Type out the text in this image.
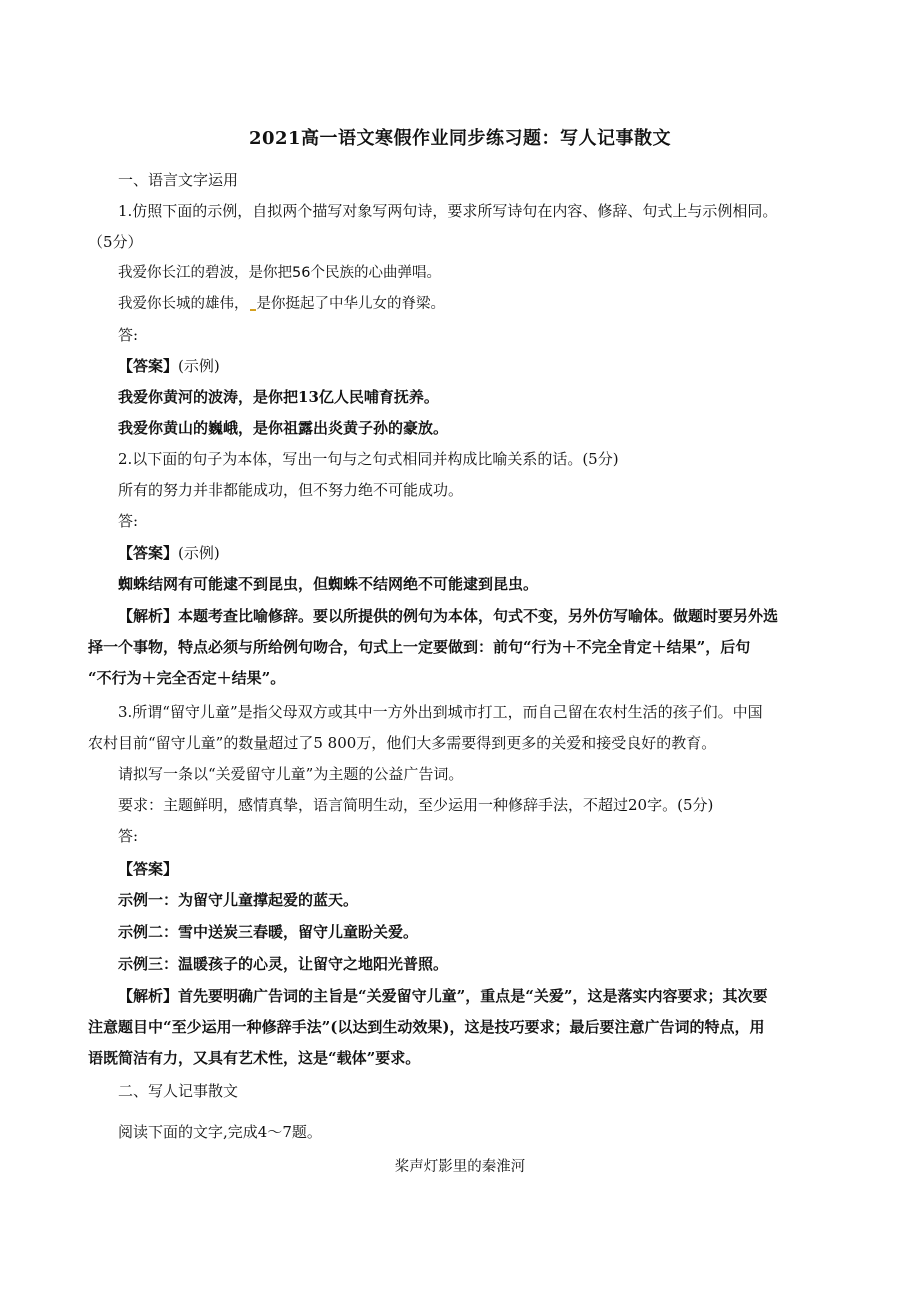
2021高一语文寒假作业同步练习题：写人记事散文
一、语言文字运用
1.仿照下面的示例，自拟两个描写对象写两句诗，要求所写诗句在内容、修辞、句式上与示例相同。
（5分）
我爱你长江的碧波，是你把56个民族的心曲弹唱。
我爱你长城的雄伟， 是你挺起了中华儿女的脊梁。
答:
【答案】(示例)
我爱你黄河的波涛，是你把13亿人民哺育抚养。
我爱你黄山的巍峨，是你祖露出炎黄子孙的豪放。
2.以下面的句子为本体，写出一句与之句式相同并构成比喻关系的话。(5分)
所有的努力并非都能成功，但不努力绝不可能成功。
答:
【答案】(示例)
蜘蛛结网有可能逮不到昆虫，但蜘蛛不结网绝不可能逮到昆虫。
【解析】本题考查比喻修辞。要以所提供的例句为本体，句式不变，另外仿写喻体。做题时要另外选
择一个事物，特点必须与所给例句吻合，句式上一定要做到：前句“行为＋不完全肯定＋结果”，后句
“不行为＋完全否定＋结果”。
3.所谓“留守儿童”是指父母双方或其中一方外出到城市打工，而自己留在农村生活的孩子们。中国
农村目前“留守儿童”的数量超过了5 800万，他们大多需要得到更多的关爱和接受良好的教育。
请拟写一条以“关爱留守儿童”为主题的公益广告词。
要求：主题鲜明，感情真挚，语言简明生动，至少运用一种修辞手法，不超过20字。(5分)
答:
【答案】
示例一：为留守儿童撑起爱的蓝天。
示例二：雪中送炭三春暖，留守儿童盼关爱。
示例三：温暖孩子的心灵，让留守之地阳光普照。
【解析】首先要明确广告词的主旨是“关爱留守儿童”，重点是“关爱”，这是落实内容要求；其次要
注意题目中“至少运用一种修辞手法”(以达到生动效果)，这是技巧要求；最后要注意广告词的特点，用
语既简洁有力，又具有艺术性，这是“载体”要求。
二、写人记事散文
阅读下面的文字,完成4～7题。
桨声灯影里的秦淮河
